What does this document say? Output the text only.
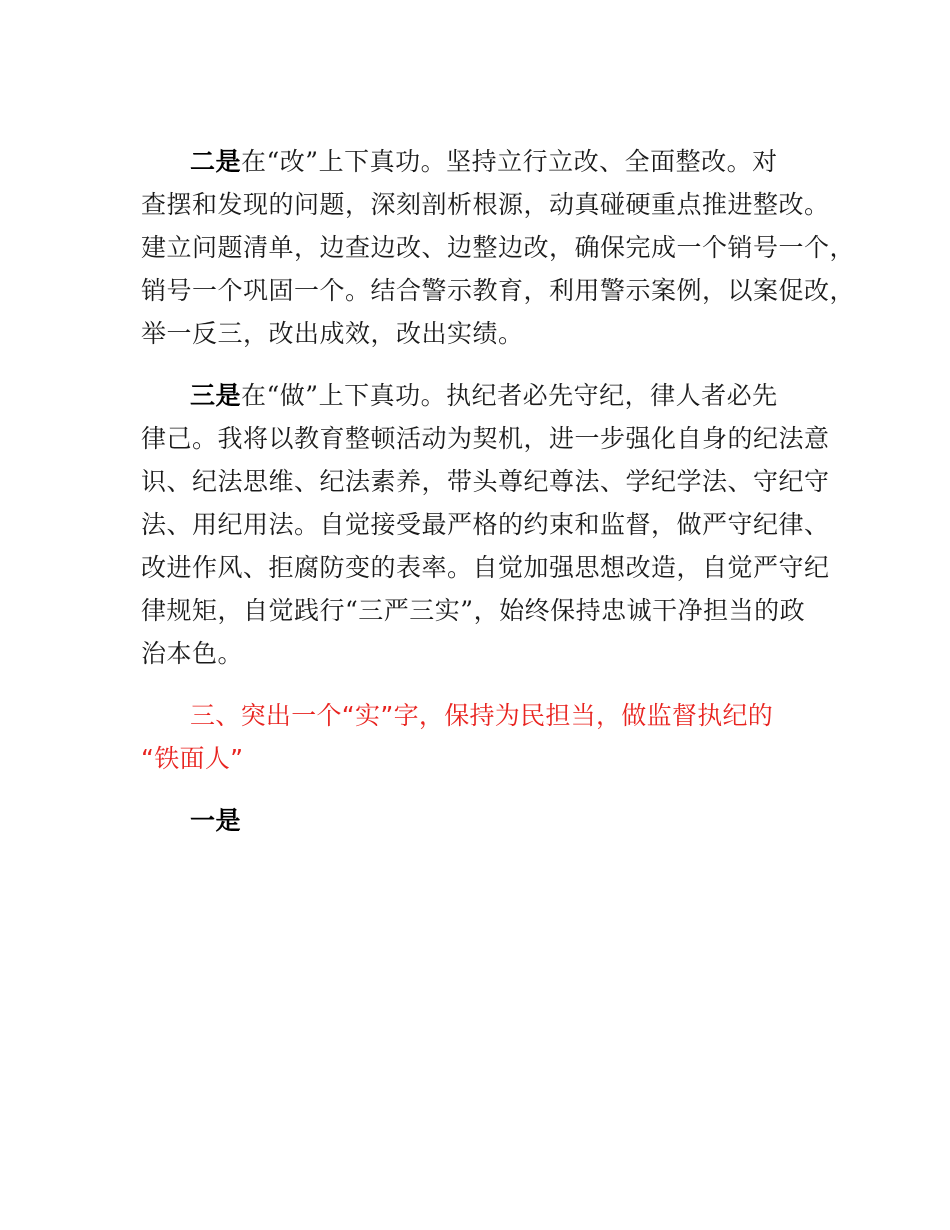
二是在“改”上下真功。坚持立行立改、全面整改。对

查摆和发现的问题，深刻剖析根源，动真碰硬重点推进整改。

建立问题清单，边查边改、边整边改，确保完成一个销号一个，

销号一个巩固一个。结合警示教育，利用警示案例，以案促改，

举一反三，改出成效，改出实绩。

三是在“做”上下真功。执纪者必先守纪，律人者必先

律己。我将以教育整顿活动为契机，进一步强化自身的纪法意

识、纪法思维、纪法素养，带头尊纪尊法、学纪学法、守纪守

法、用纪用法。自觉接受最严格的约束和监督，做严守纪律、

改进作风、拒腐防变的表率。自觉加强思想改造，自觉严守纪

律规矩，自觉践行“三严三实”，始终保持忠诚干净担当的政

治本色。

三、突出一个“实”字，保持为民担当，做监督执纪的

“铁面人”

一是
